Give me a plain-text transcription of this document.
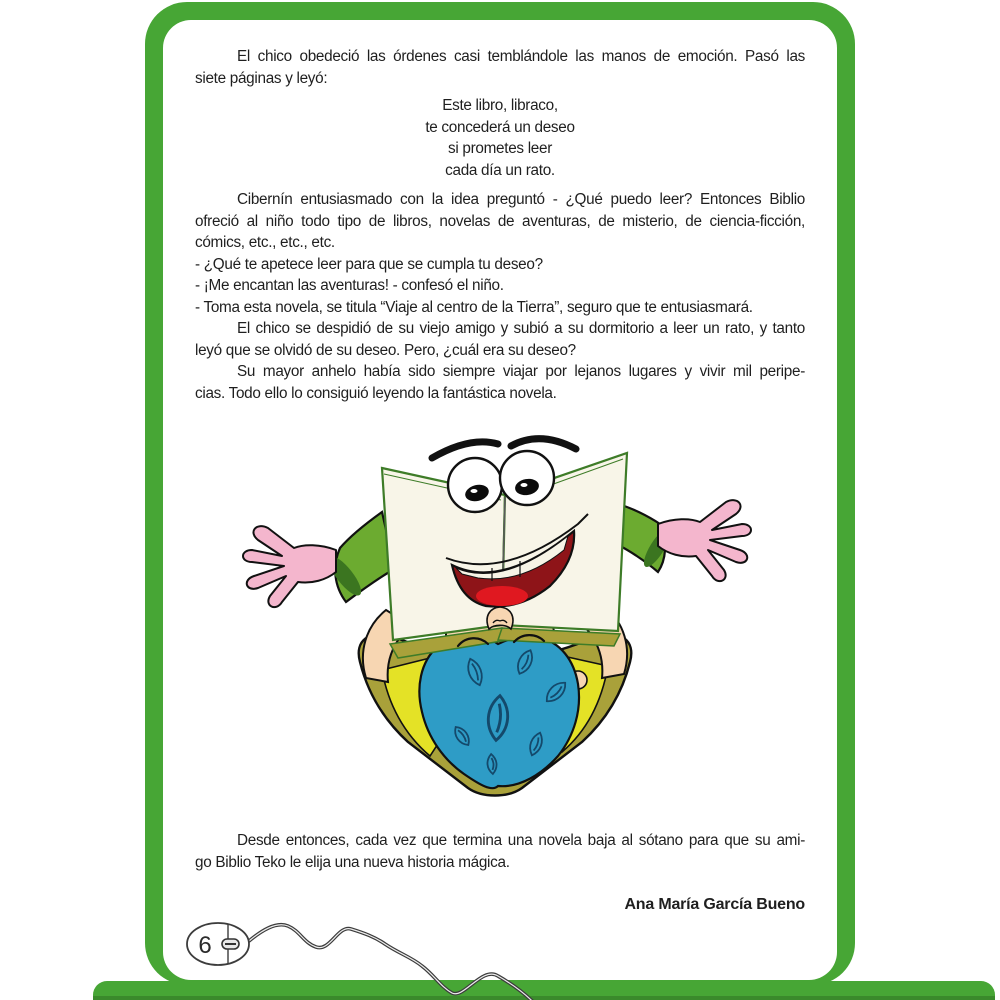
El chico obedeció las órdenes casi temblándole las manos de emoción. Pasó las
siete páginas y leyó:
Este libro, libraco,
te concederá un deseo
si prometes leer
cada día un rato.
Cibernín entusiasmado con la idea preguntó - ¿Qué puedo leer? Entonces Biblio
ofreció al niño todo tipo de libros, novelas de aventuras, de misterio, de ciencia-ficción,
cómics, etc., etc., etc.
- ¿Qué te apetece leer para que se cumpla tu deseo?
- ¡Me encantan las aventuras! - confesó el niño.
- Toma esta novela, se titula “Viaje al centro de la Tierra”, seguro que te entusiasmará.
El chico se despidió de su viejo amigo y subió a su dormitorio a leer un rato, y tanto
leyó que se olvidó de su deseo. Pero, ¿cuál era su deseo?
Su mayor anhelo había sido siempre viajar por lejanos lugares y vivir mil peripe-
cias. Todo ello lo consiguió leyendo la fantástica novela.
Desde entonces, cada vez que termina una novela baja al sótano para que su ami-
go Biblio Teko le elija una nueva historia mágica.
Ana María García Bueno
6
